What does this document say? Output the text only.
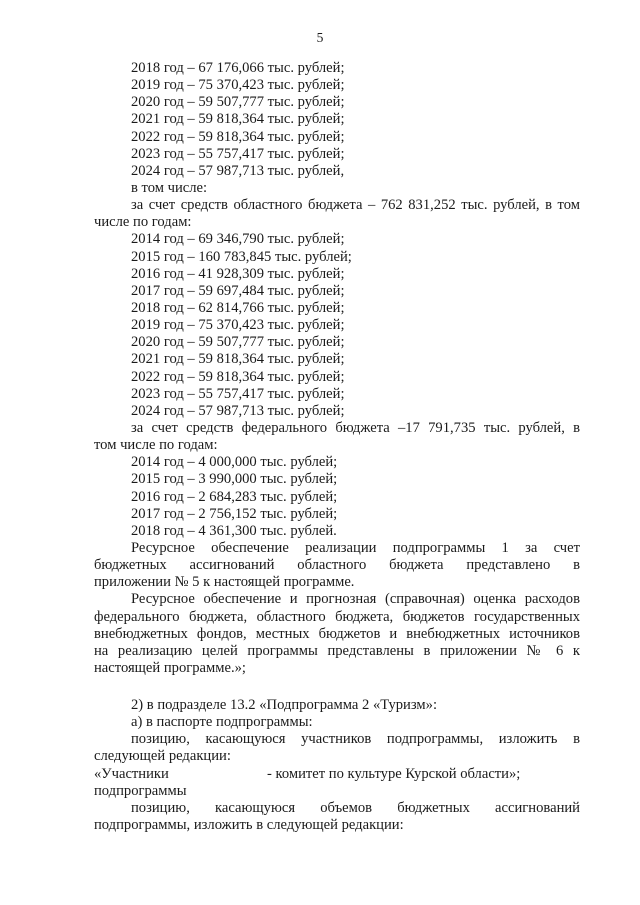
5
2018 год – 67 176,066 тыс. рублей;
2019 год – 75 370,423 тыс. рублей;
2020 год – 59 507,777 тыс. рублей;
2021 год – 59 818,364 тыс. рублей;
2022 год – 59 818,364 тыс. рублей;
2023 год – 55 757,417 тыс. рублей;
2024 год – 57 987,713 тыс. рублей,
в том числе:
за счет средств областного бюджета – 762 831,252 тыс. рублей, в том
числе по годам:
2014 год – 69 346,790 тыс. рублей;
2015 год – 160 783,845 тыс. рублей;
2016 год – 41 928,309 тыс. рублей;
2017 год – 59 697,484 тыс. рублей;
2018 год – 62 814,766 тыс. рублей;
2019 год – 75 370,423 тыс. рублей;
2020 год – 59 507,777 тыс. рублей;
2021 год – 59 818,364 тыс. рублей;
2022 год – 59 818,364 тыс. рублей;
2023 год – 55 757,417 тыс. рублей;
2024 год – 57 987,713 тыс. рублей;
за счет средств федерального бюджета –17 791,735 тыс. рублей, в
том числе по годам:
2014 год – 4 000,000 тыс. рублей;
2015 год – 3 990,000 тыс. рублей;
2016 год – 2 684,283 тыс. рублей;
2017 год – 2 756,152 тыс. рублей;
2018 год – 4 361,300 тыс. рублей.
Ресурсное обеспечение реализации подпрограммы 1 за счет
бюджетных ассигнований областного бюджета представлено в
приложении № 5 к настоящей программе.
Ресурсное обеспечение и прогнозная (справочная) оценка расходов
федерального бюджета, областного бюджета, бюджетов государственных
внебюджетных фондов, местных бюджетов и внебюджетных источников
на реализацию целей программы представлены в приложении № 6 к
настоящей программе.»;
2) в подразделе 13.2 «Подпрограмма 2 «Туризм»:
а) в паспорте подпрограммы:
позицию, касающуюся участников подпрограммы, изложить в
следующей редакции:
«Участники	- комитет по культуре Курской области»;
подпрограммы
позицию, касающуюся объемов бюджетных ассигнований
подпрограммы, изложить в следующей редакции:
